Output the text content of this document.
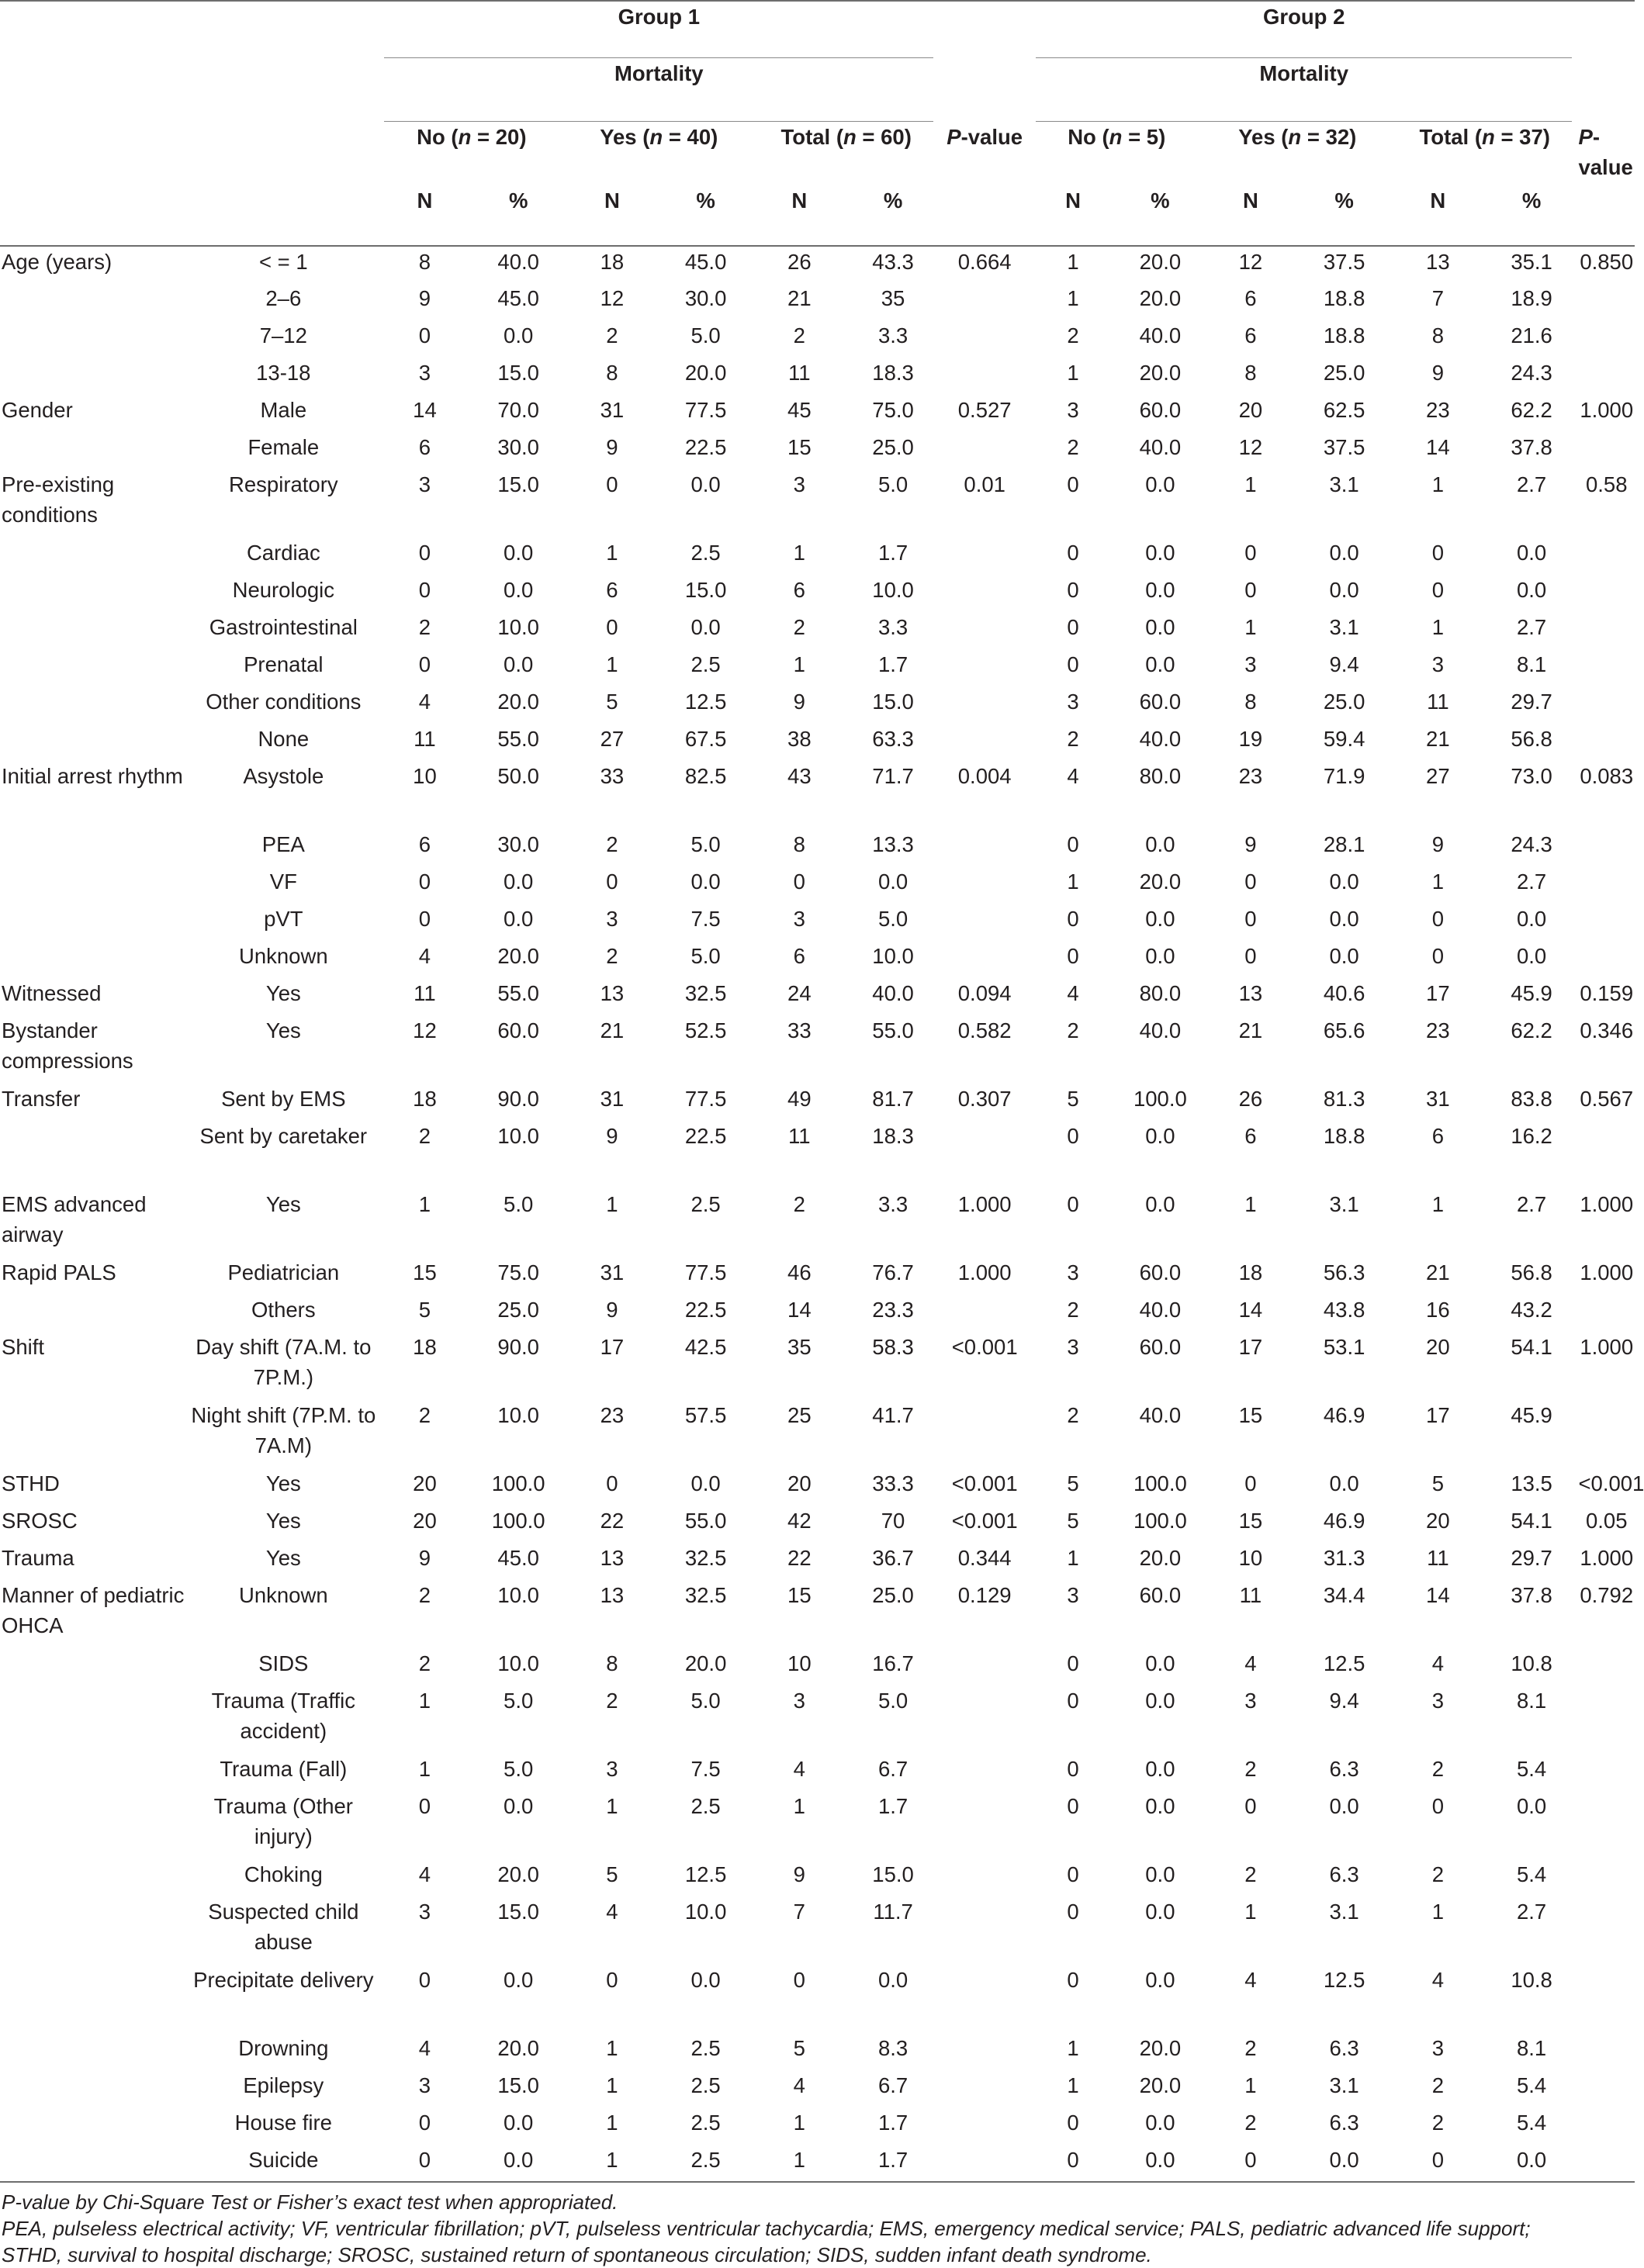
		Group 1							Group 2						
		Mortality							Mortality						
		No (n = 20)		Yes (n = 40)		Total (n = 60)		P-value	No (n = 5)		Yes (n = 32)		Total (n = 37)		P-value
		N	%	N	%	N	%		N	%	N	%	N	%	
Age (years)	< = 1	8	40.0	18	45.0	26	43.3	0.664	1	20.0	12	37.5	13	35.1	0.850
	2–6	9	45.0	12	30.0	21	35		1	20.0	6	18.8	7	18.9	
	7–12	0	0.0	2	5.0	2	3.3		2	40.0	6	18.8	8	21.6	
	13-18	3	15.0	8	20.0	11	18.3		1	20.0	8	25.0	9	24.3	
Gender	Male	14	70.0	31	77.5	45	75.0	0.527	3	60.0	20	62.5	23	62.2	1.000
	Female	6	30.0	9	22.5	15	25.0		2	40.0	12	37.5	14	37.8	
Pre-existing conditions	Respiratory	3	15.0	0	0.0	3	5.0	0.01	0	0.0	1	3.1	1	2.7	0.58
	Cardiac	0	0.0	1	2.5	1	1.7		0	0.0	0	0.0	0	0.0	
	Neurologic	0	0.0	6	15.0	6	10.0		0	0.0	0	0.0	0	0.0	
	Gastrointestinal	2	10.0	0	0.0	2	3.3		0	0.0	1	3.1	1	2.7	
	Prenatal	0	0.0	1	2.5	1	1.7		0	0.0	3	9.4	3	8.1	
	Other conditions	4	20.0	5	12.5	9	15.0		3	60.0	8	25.0	11	29.7	
	None	11	55.0	27	67.5	38	63.3		2	40.0	19	59.4	21	56.8	
Initial arrest rhythm	Asystole	10	50.0	33	82.5	43	71.7	0.004	4	80.0	23	71.9	27	73.0	0.083
	PEA	6	30.0	2	5.0	8	13.3		0	0.0	9	28.1	9	24.3	
	VF	0	0.0	0	0.0	0	0.0		1	20.0	0	0.0	1	2.7	
	pVT	0	0.0	3	7.5	3	5.0		0	0.0	0	0.0	0	0.0	
	Unknown	4	20.0	2	5.0	6	10.0		0	0.0	0	0.0	0	0.0	
Witnessed	Yes	11	55.0	13	32.5	24	40.0	0.094	4	80.0	13	40.6	17	45.9	0.159
Bystander compressions	Yes	12	60.0	21	52.5	33	55.0	0.582	2	40.0	21	65.6	23	62.2	0.346
Transfer	Sent by EMS	18	90.0	31	77.5	49	81.7	0.307	5	100.0	26	81.3	31	83.8	0.567
	Sent by caretaker	2	10.0	9	22.5	11	18.3		0	0.0	6	18.8	6	16.2	
EMS advanced airway	Yes	1	5.0	1	2.5	2	3.3	1.000	0	0.0	1	3.1	1	2.7	1.000
Rapid PALS	Pediatrician	15	75.0	31	77.5	46	76.7	1.000	3	60.0	18	56.3	21	56.8	1.000
	Others	5	25.0	9	22.5	14	23.3		2	40.0	14	43.8	16	43.2	
Shift	Day shift (7A.M. to 7P.M.)	18	90.0	17	42.5	35	58.3	<0.001	3	60.0	17	53.1	20	54.1	1.000
	Night shift (7P.M. to 7A.M)	2	10.0	23	57.5	25	41.7		2	40.0	15	46.9	17	45.9	
STHD	Yes	20	100.0	0	0.0	20	33.3	<0.001	5	100.0	0	0.0	5	13.5	<0.001
SROSC	Yes	20	100.0	22	55.0	42	70	<0.001	5	100.0	15	46.9	20	54.1	0.05
Trauma	Yes	9	45.0	13	32.5	22	36.7	0.344	1	20.0	10	31.3	11	29.7	1.000
Manner of pediatric OHCA	Unknown	2	10.0	13	32.5	15	25.0	0.129	3	60.0	11	34.4	14	37.8	0.792
	SIDS	2	10.0	8	20.0	10	16.7		0	0.0	4	12.5	4	10.8	
	Trauma (Traffic accident)	1	5.0	2	5.0	3	5.0		0	0.0	3	9.4	3	8.1	
	Trauma (Fall)	1	5.0	3	7.5	4	6.7		0	0.0	2	6.3	2	5.4	
	Trauma (Other injury)	0	0.0	1	2.5	1	1.7		0	0.0	0	0.0	0	0.0	
	Choking	4	20.0	5	12.5	9	15.0		0	0.0	2	6.3	2	5.4	
	Suspected child abuse	3	15.0	4	10.0	7	11.7		0	0.0	1	3.1	1	2.7	
	Precipitate delivery	0	0.0	0	0.0	0	0.0		0	0.0	4	12.5	4	10.8	
	Drowning	4	20.0	1	2.5	5	8.3		1	20.0	2	6.3	3	8.1	
	Epilepsy	3	15.0	1	2.5	4	6.7		1	20.0	1	3.1	2	5.4	
	House fire	0	0.0	1	2.5	1	1.7		0	0.0	2	6.3	2	5.4	
	Suicide	0	0.0	1	2.5	1	1.7		0	0.0	0	0.0	0	0.0	

P-value by Chi-Square Test or Fisher’s exact test when appropriated.

PEA, pulseless electrical activity; VF, ventricular fibrillation; pVT, pulseless ventricular tachycardia; EMS, emergency medical service; PALS, pediatric advanced life support;

STHD, survival to hospital discharge; SROSC, sustained return of spontaneous circulation; SIDS, sudden infant death syndrome.
